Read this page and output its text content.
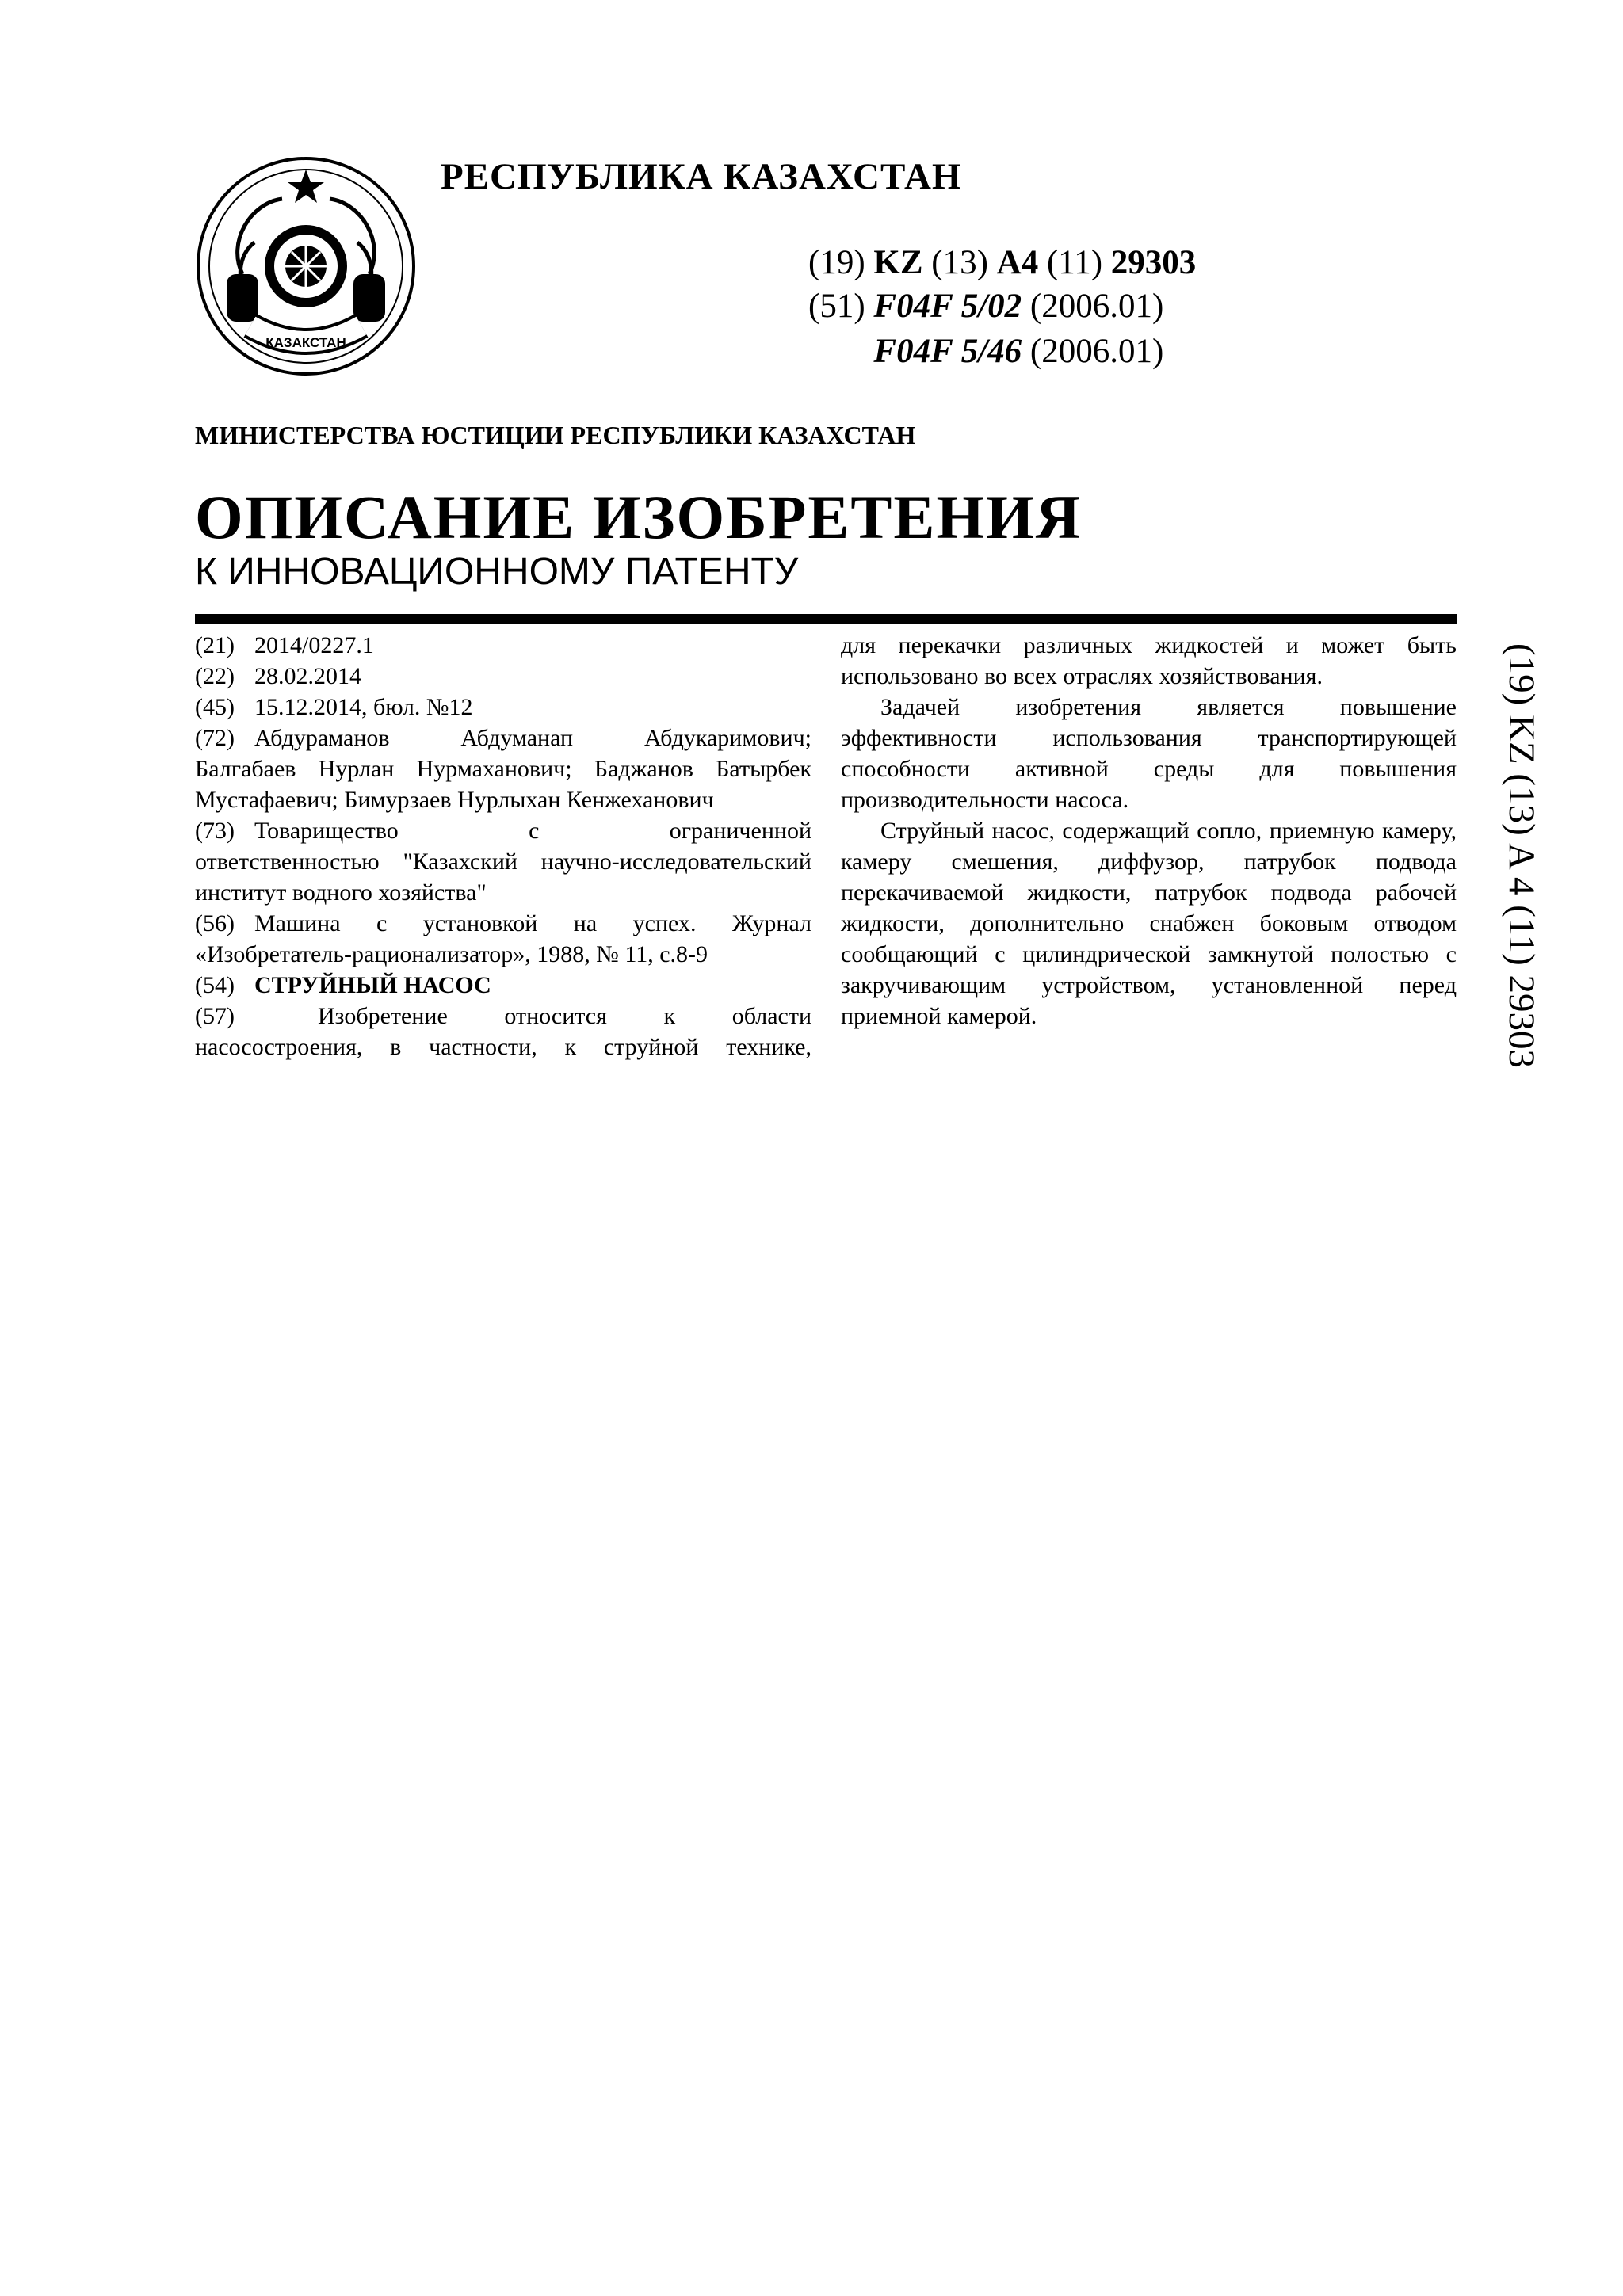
КАЗАКСТАН
РЕСПУБЛИКА КАЗАХСТАН
(19) KZ (13) A4 (11) 29303
(51) F04F 5/02 (2006.01)
F04F 5/46 (2006.01)
МИНИСТЕРСТВА ЮСТИЦИИ РЕСПУБЛИКИ КАЗАХСТАН
ОПИСАНИЕ ИЗОБРЕТЕНИЯ
К ИННОВАЦИОННОМУ ПАТЕНТУ
(21) 2014/0227.1
(22) 28.02.2014
(45) 15.12.2014, бюл. №12
(72) Абдураманов Абдуманап Абдукаримович;

Балгабаев Нурлан Нурмаханович; Баджанов Батырбек Мустафаевич; Бимурзаев Нурлыхан Кенжеханович

(73) Товарищество с ограниченной

ответственностью "Казахский научно-исследовательский институт водного хозяйства"

(56) Машина с установкой на успех. Журнал

«Изобретатель-рационализатор», 1988, № 11, с.8-9

(54) СТРУЙНЫЙ НАСОС
(57)	Изобретение относится к области

насосостроения, в частности, к струйной технике,

для перекачки различных жидкостей и может быть использовано во всех отраслях хозяйствования.

Задачей изобретения является повышение эффективности использования транспортирующей способности активной среды для повышения производительности насоса.

Струйный насос, содержащий сопло, приемную камеру, камеру смешения, диффузор, патрубок подвода перекачиваемой жидкости, патрубок подвода рабочей жидкости, дополнительно снабжен боковым отводом сообщающий с цилиндрической замкнутой полостью с закручивающим устройством, установленной перед приемной камерой.	(19) KZ (13) A 4 (11) 29303
